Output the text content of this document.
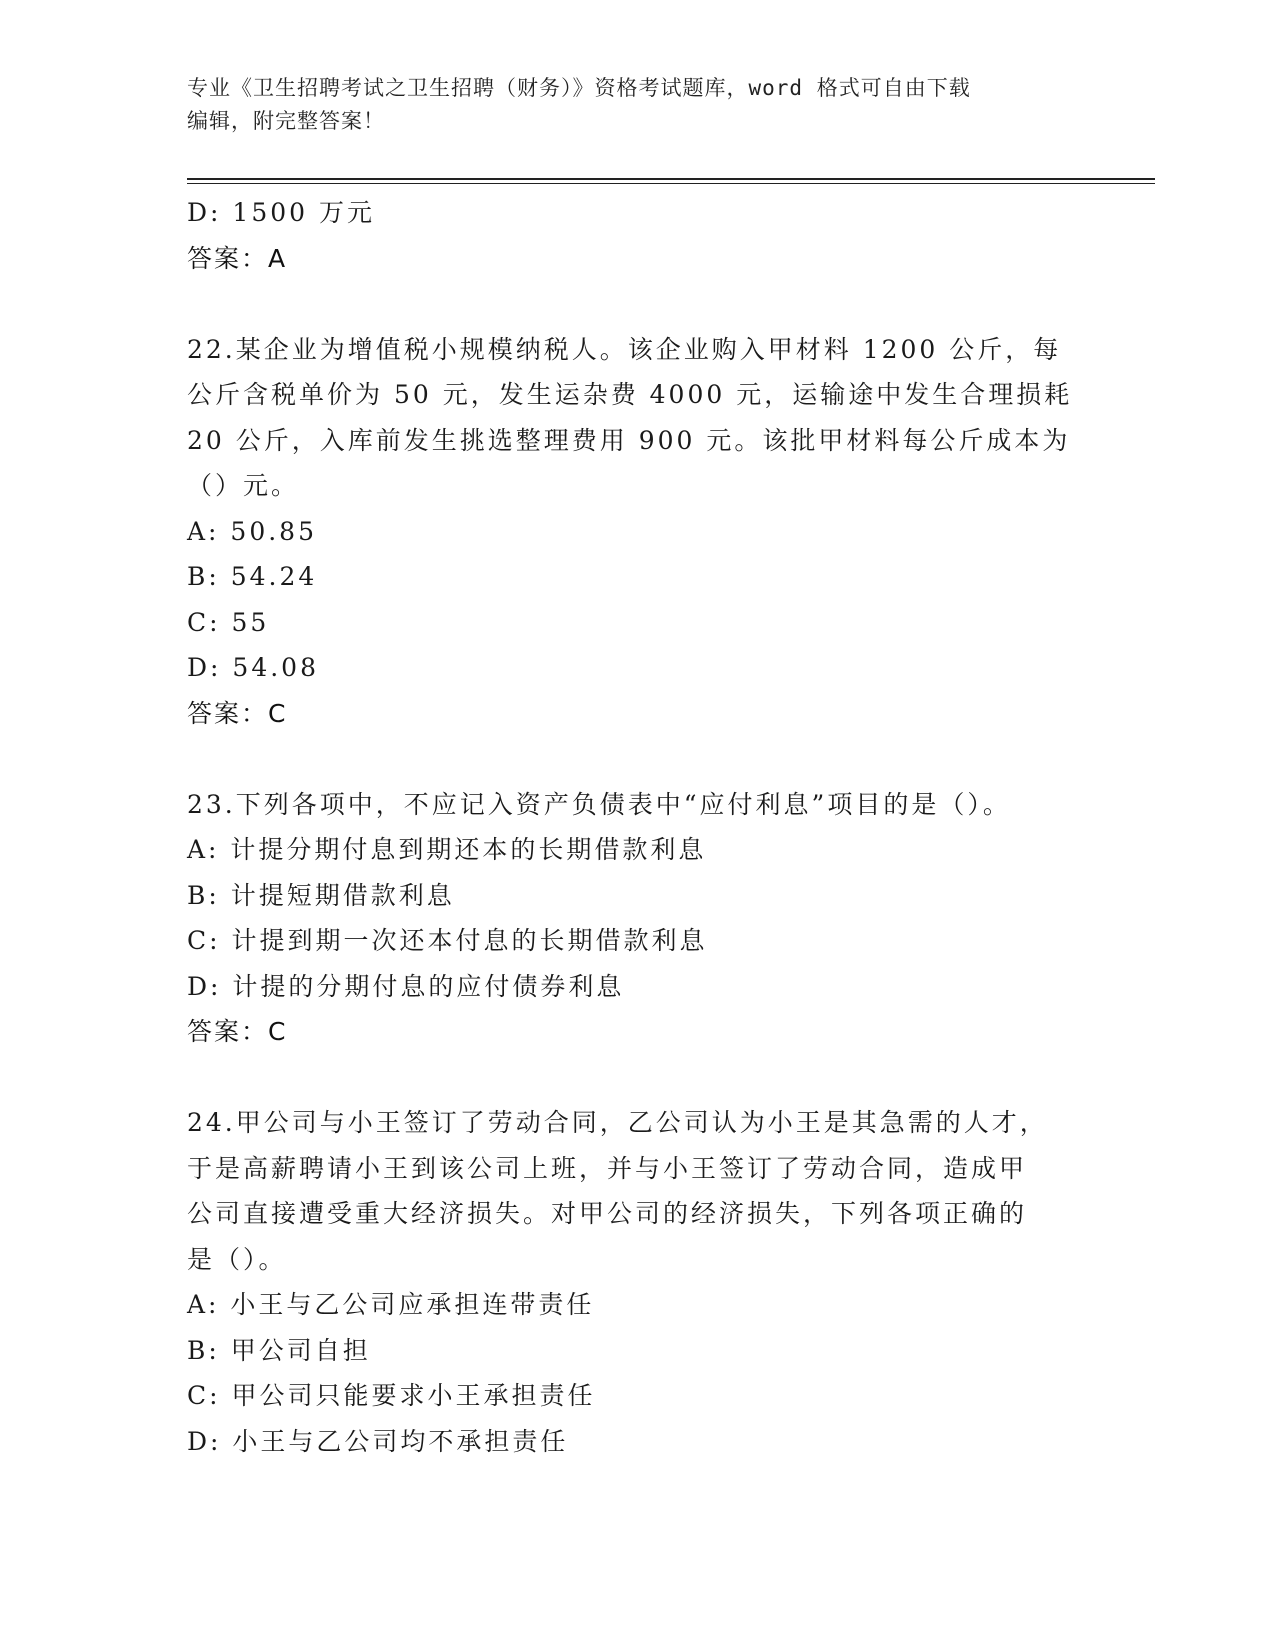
专业《卫生招聘考试之卫生招聘（财务）》资格考试题库，word 格式可自由下载
编辑，附完整答案！
D: 1500 万元
答案：A
22.某企业为增值税小规模纳税人。该企业购入甲材料 1200 公斤，每
公斤含税单价为 50 元，发生运杂费 4000 元，运输途中发生合理损耗
20 公斤，入库前发生挑选整理费用 900 元。该批甲材料每公斤成本为
（）元。
A: 50.85
B: 54.24
C: 55
D: 54.08
答案：C
23.下列各项中，不应记入资产负债表中“应付利息”项目的是（）。
A: 计提分期付息到期还本的长期借款利息
B: 计提短期借款利息
C: 计提到期一次还本付息的长期借款利息
D: 计提的分期付息的应付债券利息
答案：C
24.甲公司与小王签订了劳动合同，乙公司认为小王是其急需的人才，
于是高薪聘请小王到该公司上班，并与小王签订了劳动合同，造成甲
公司直接遭受重大经济损失。对甲公司的经济损失，下列各项正确的
是（）。
A: 小王与乙公司应承担连带责任
B: 甲公司自担
C: 甲公司只能要求小王承担责任
D: 小王与乙公司均不承担责任
